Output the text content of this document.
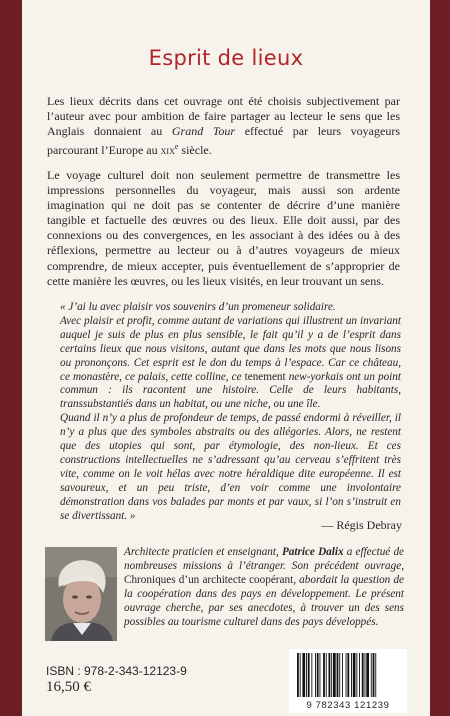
Esprit de lieux

Les lieux décrits dans cet ouvrage ont été choisis subjectivement par l’auteur avec pour ambition de faire partager au lecteur le sens que les Anglais donnaient au Grand Tour effectué par leurs voyageurs parcourant l’Europe au xix$^e$ siècle.

Le voyage culturel doit non seulement permettre de transmettre les impressions personnelles du voyageur, mais aussi son ardente imagination qui ne doit pas se contenter de décrire d’une manière tangible et factuelle des œuvres ou des lieux. Elle doit aussi, par des connexions ou des convergences, en les associant à des idées ou à des réflexions, permettre au lecteur ou à d’autres voyageurs de mieux comprendre, de mieux accepter, puis éventuellement de s’approprier de cette manière les œuvres, ou les lieux visités, en leur trouvant un sens.

« J’ai lu avec plaisir vos souvenirs d’un promeneur solidaire.

Avec plaisir et profit, comme autant de variations qui illustrent un invariant auquel je suis de plus en plus sensible, le fait qu’il y a de l’esprit dans certains lieux que nous visitons, autant que dans les mots que nous lisons ou prononçons. Cet esprit est le don du temps à l’espace. Car ce château, ce monastère, ce palais, cette colline, ce tenement new-yorkais ont un point commun : ils racontent une histoire. Celle de leurs habitants, transsubstantiés dans un habitat, ou une niche, ou une île.

Quand il n’y a plus de profondeur de temps, de passé endormi à réveiller, il n’y a plus que des symboles abstraits ou des allégories. Alors, ne restent que des utopies qui sont, par étymologie, des non-lieux. Et ces constructions intellectuelles ne s’adressant qu’au cerveau s’effritent très vite, comme on le voit hélas avec notre héraldique dite européenne. Il est savoureux, et un peu triste, d’en voir comme une involontaire démonstration dans vos balades par monts et par vaux, si l’on s’instruit en se divertissant. »

— Régis Debray
Architecte praticien et enseignant, Patrice Dalix a effectué de nombreuses missions à l’étranger. Son précédent ouvrage, Chroniques d’un architecte coopérant, abordait la question de la coopération dans des pays en développement. Le présent ouvrage cherche, par ses anecdotes, à trouver un des sens possibles au tourisme culturel dans des pays développés.
ISBN : 978-2-343-12123-9
16,50 €
9 782343 121239
